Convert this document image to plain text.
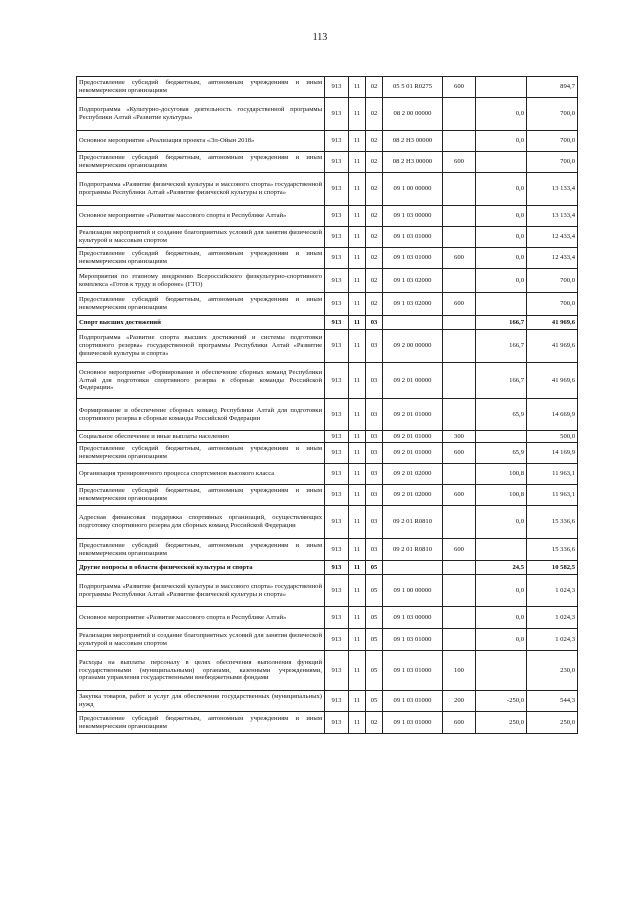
113
Предоставление субсидий бюджетным, автономным учреждениям и иным некоммерческим организациям	913	11	02	05 5 01 R0275	600		894,7
Подпрограмма «Культурно-досуговая деятельность государственной программы Республики Алтай «Развитие культуры»	913	11	02	08 2 00 00000		0,0	700,0
Основное мероприятие «Реализация проекта «Эл-Ойын 2018»	913	11	02	08 2 Н3 00000		0,0	700,0
Предоставление субсидий бюджетным, автономным учреждениям и иным некоммерческим организациям	913	11	02	08 2 Н3 00000	600		700,0
Подпрограмма «Развитие физической культуры и массового спорта» государственной программы Республики Алтай «Развитие физической культуры и спорта»	913	11	02	09 1 00 00000		0,0	13 133,4
Основное мероприятие «Развитие массового спорта в Республике Алтай»	913	11	02	09 1 03 00000		0,0	13 133,4
Реализация мероприятий и создание благоприятных условий для занятия физической культурой и массовым спортом	913	11	02	09 1 03 01000		0,0	12 433,4
Предоставление субсидий бюджетным, автономным учреждениям и иным некоммерческим организациям	913	11	02	09 1 03 01000	600	0,0	12 433,4
Мероприятия по этапному внедрению Всероссийского физкультурно-спортивного комплекса «Готов к труду и обороне» (ГТО)	913	11	02	09 1 03 02000		0,0	700,0
Предоставление субсидий бюджетным, автономным учреждениям и иным некоммерческим организациям	913	11	02	09 1 03 02000	600		700,0
Спорт высших достижений	913	11	03			166,7	41 969,6
Подпрограмма «Развитие спорта высших достижений и системы подготовки спортивного резерва» государственной программы Республики Алтай «Развитие физической культуры и спорта»	913	11	03	09 2 00 00000		166,7	41 969,6
Основное мероприятие «Формирование и обеспечение сборных команд Республики Алтай для подготовки спортивного резерва в сборные команды Российской Федерации»	913	11	03	09 2 01 00000		166,7	41 969,6
Формирование и обеспечение сборных команд Республики Алтай для подготовки спортивного резерва в сборные команды Российской Федерации	913	11	03	09 2 01 01000		65,9	14 669,9
Социальное обеспечение и иные выплаты населению	913	11	03	09 2 01 01000	300		500,0
Предоставление субсидий бюджетным, автономным учреждениям и иным некоммерческим организациям	913	11	03	09 2 01 01000	600	65,9	14 169,9
Организация тренировочного процесса спортсменов высокого класса	913	11	03	09 2 01 02000		100,8	11 963,1
Предоставление субсидий бюджетным, автономным учреждениям и иным некоммерческим организациям	913	11	03	09 2 01 02000	600	100,8	11 963,1
Адресная финансовая поддержка спортивных организаций, осуществляющих подготовку спортивного резерва для сборных команд Российской Федерации	913	11	03	09 2 01 R0810		0,0	15 336,6
Предоставление субсидий бюджетным, автономным учреждениям и иным некоммерческим организациям	913	11	03	09 2 01 R0810	600		15 336,6
Другие вопросы в области физической культуры и спорта	913	11	05			24,5	10 582,5
Подпрограмма «Развитие физической культуры и массового спорта» государственной программы Республики Алтай «Развитие физической культуры и спорта»	913	11	05	09 1 00 00000		0,0	1 024,3
Основное мероприятие «Развитие массового спорта в Республике Алтай»	913	11	05	09 1 03 00000		0,0	1 024,3
Реализация мероприятий и создание благоприятных условий для занятия физической культурой и массовым спортом	913	11	05	09 1 03 01000		0,0	1 024,3
Расходы на выплаты персоналу в целях обеспечения выполнения функций государственными (муниципальными) органами, казенными учреждениями, органами управления государственными внебюджетными фондами	913	11	05	09 1 03 01000	100		230,0
Закупка товаров, работ и услуг для обеспечения государственных (муниципальных) нужд	913	11	05	09 1 03 01000	200	-250,0	544,3
Предоставление субсидий бюджетным, автономным учреждениям и иным некоммерческим организациям	913	11	02	09 1 03 01000	600	250,0	250,0
